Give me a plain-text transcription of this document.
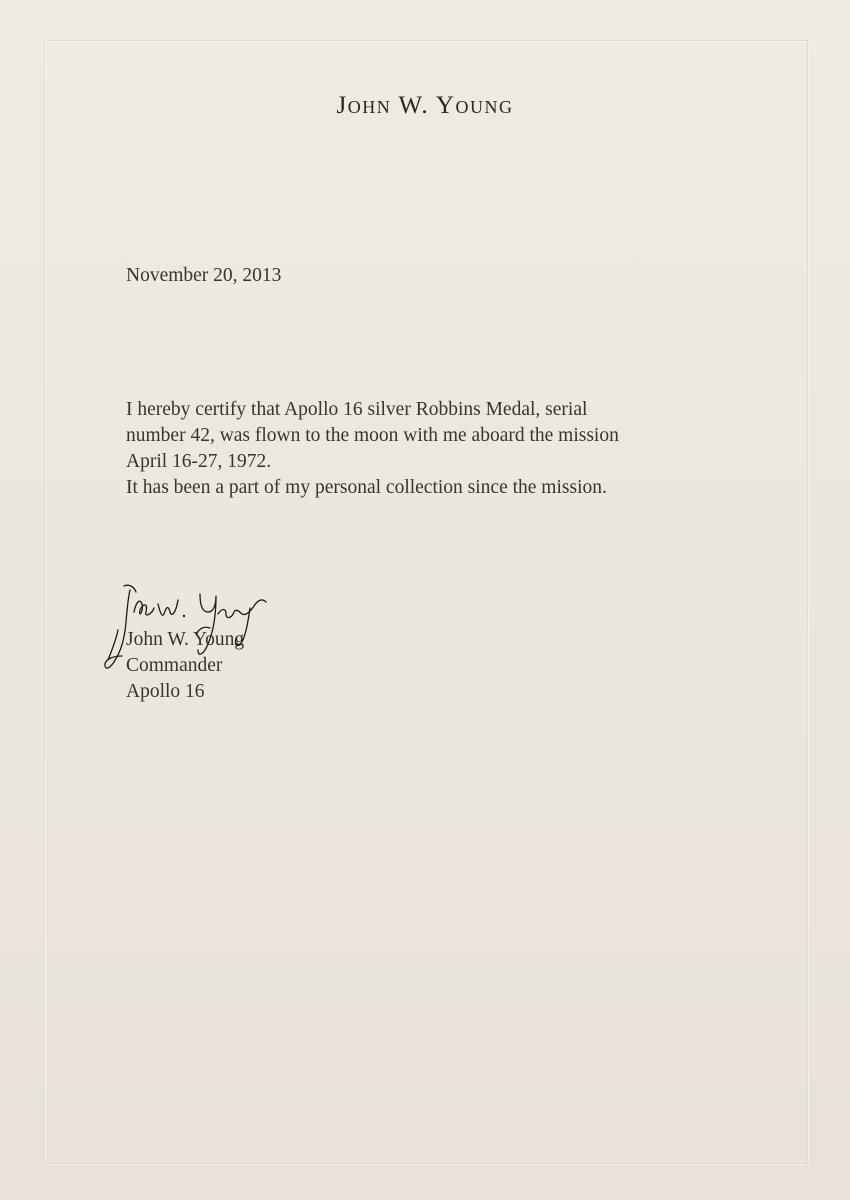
John W. Young
November 20, 2013
I hereby certify that Apollo 16 silver Robbins Medal, serial
number 42, was flown to the moon with me aboard the mission
April 16-27, 1972.
It has been a part of my personal collection since the mission.
John W. Young
Commander
Apollo 16
